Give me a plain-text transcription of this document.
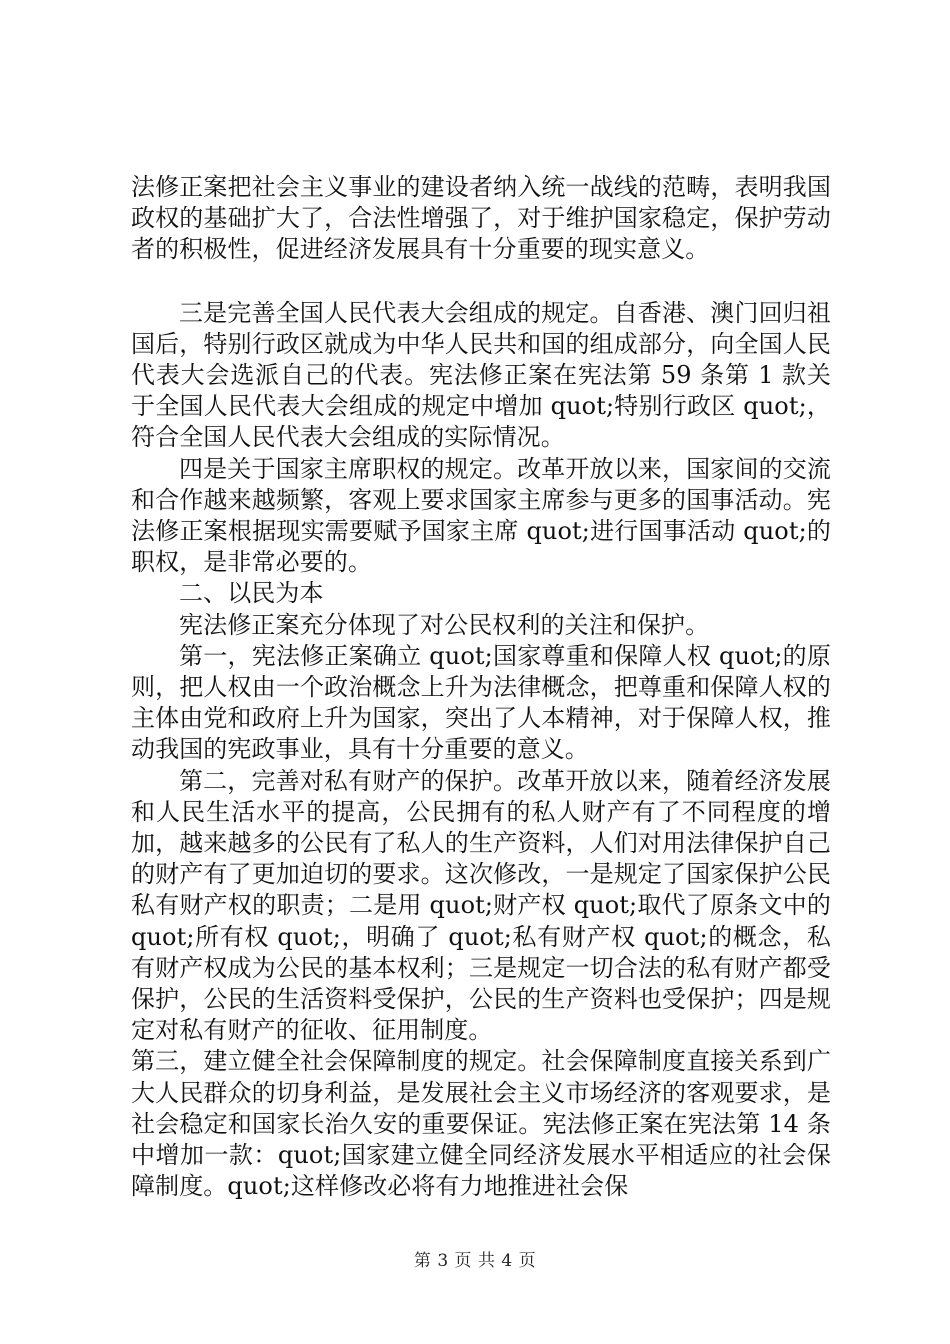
法修正案把社会主义事业的建设者纳入统一战线的范畴，表明我国政权的基础扩大了，合法性增强了，对于维护国家稳定，保护劳动者的积极性，促进经济发展具有十分重要的现实意义。

三是完善全国人民代表大会组成的规定。自香港、澳门回归祖国后，特别行政区就成为中华人民共和国的组成部分，向全国人民代表大会选派自己的代表。宪法修正案在宪法第 59 条第 1 款关于全国人民代表大会组成的规定中增加 quot;特别行政区 quot;，符合全国人民代表大会组成的实际情况。

四是关于国家主席职权的规定。改革开放以来，国家间的交流和合作越来越频繁，客观上要求国家主席参与更多的国事活动。宪法修正案根据现实需要赋予国家主席 quot;进行国事活动 quot;的职权，是非常必要的。

二、以民为本

宪法修正案充分体现了对公民权利的关注和保护。

第一，宪法修正案确立 quot;国家尊重和保障人权 quot;的原则，把人权由一个政治概念上升为法律概念，把尊重和保障人权的主体由党和政府上升为国家，突出了人本精神，对于保障人权，推动我国的宪政事业，具有十分重要的意义。

第二，完善对私有财产的保护。改革开放以来，随着经济发展和人民生活水平的提高，公民拥有的私人财产有了不同程度的增加，越来越多的公民有了私人的生产资料，人们对用法律保护自己的财产有了更加迫切的要求。这次修改，一是规定了国家保护公民私有财产权的职责；二是用 quot;财产权 quot;取代了原条文中的 quot;所有权 quot;，明确了 quot;私有财产权 quot;的概念，私有财产权成为公民的基本权利；三是规定一切合法的私有财产都受保护，公民的生活资料受保护，公民的生产资料也受保护；四是规定对私有财产的征收、征用制度。

第三，建立健全社会保障制度的规定。社会保障制度直接关系到广大人民群众的切身利益，是发展社会主义市场经济的客观要求，是社会稳定和国家长治久安的重要保证。宪法修正案在宪法第 14 条中增加一款：quot;国家建立健全同经济发展水平相适应的社会保障制度。quot;这样修改必将有力地推进社会保

第 3 页 共 4 页
